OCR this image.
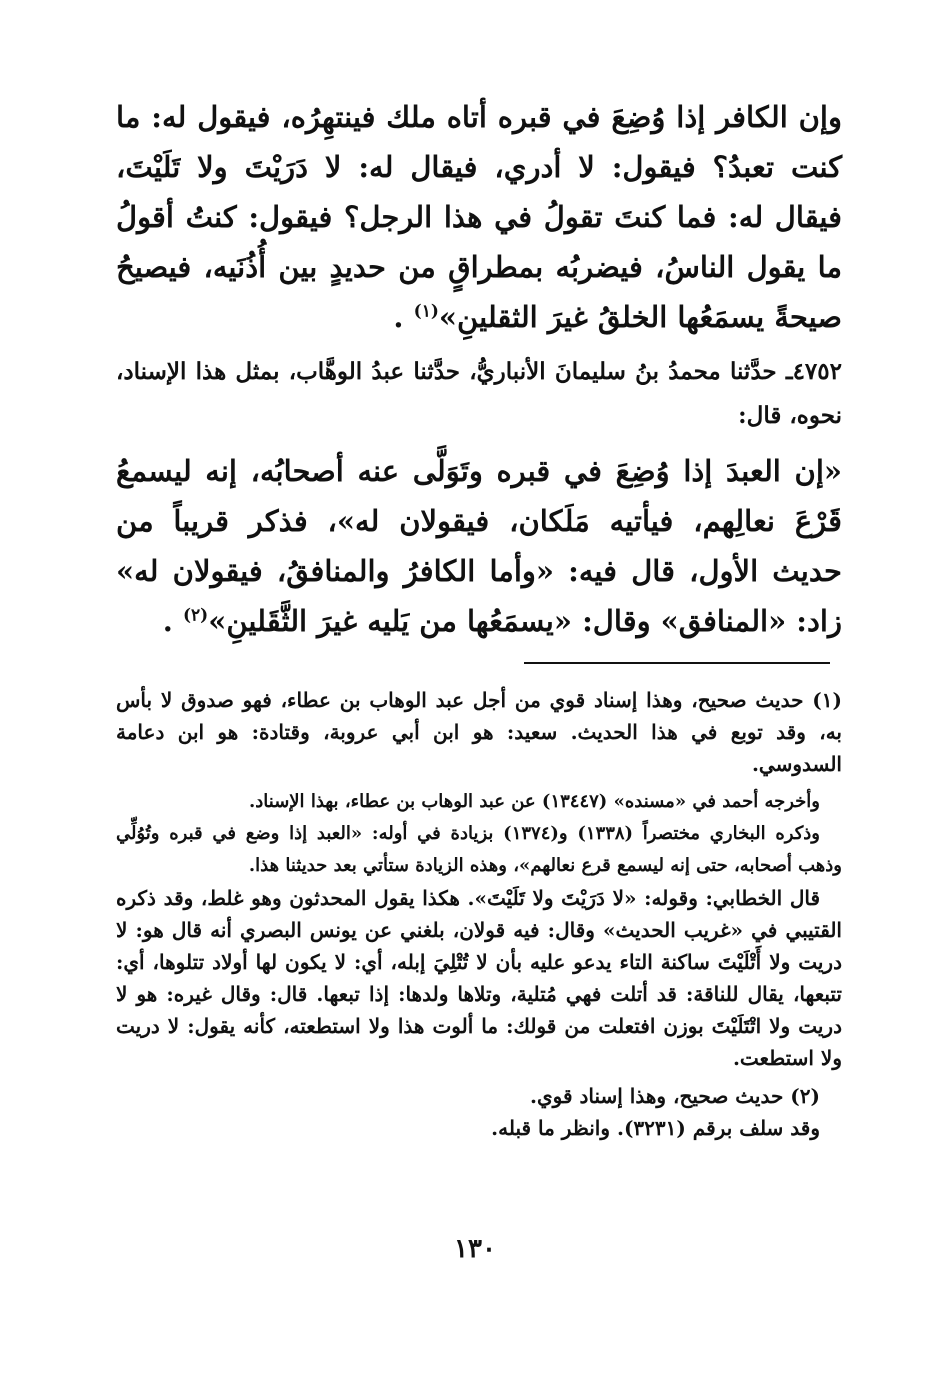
وإن الكافر إذا وُضِعَ في قبره أتاه ملك فينتهِرُه، فيقول له: ما كنت تعبدُ؟ فيقول: لا أدري، فيقال له: لا دَرَيْتَ ولا تَلَيْتَ، فيقال له: فما كنتَ تقولُ في هذا الرجل؟ فيقول: كنتُ أقولُ ما يقول الناسُ، فيضربُه بمطراقٍ من حديدٍ بين أُذُنَيه، فيصيحُ صيحةً يسمَعُها الخلقُ غيرَ الثقلينِ»$^{(١)}$ .

٤٧٥٢ـ حدَّثنا محمدُ بنُ سليمانَ الأنباريُّ، حدَّثنا عبدُ الوهَّاب، بمثل هذا الإسناد، نحوه، قال:

«إن العبدَ إذا وُضِعَ في قبره وتَوَلَّى عنه أصحابُه، إنه ليسمعُ قَرْعَ نعالِهم، فيأتيه مَلَكان، فيقولان له»، فذكر قريباً من حديث الأول، قال فيه: «وأما الكافرُ والمنافقُ، فيقولان له» زاد: «المنافق» وقال: «يسمَعُها من يَليه غيرَ الثَّقَلينِ»$^{(٢)}$ .

(١) حديث صحيح، وهذا إسناد قوي من أجل عبد الوهاب بن عطاء، فهو صدوق لا بأس به، وقد توبع في هذا الحديث. سعيد: هو ابن أبي عروبة، وقتادة: هو ابن دعامة السدوسي.

وأخرجه أحمد في «مسنده» (١٣٤٤٧) عن عبد الوهاب بن عطاء، بهذا الإسناد.

وذكره البخاري مختصراً (١٣٣٨) و(١٣٧٤) بزيادة في أوله: «العبد إذا وضع في قبره وتُوُلِّي وذهب أصحابه، حتى إنه ليسمع قرع نعالهم»، وهذه الزيادة ستأتي بعد حديثنا هذا.

قال الخطابي: وقوله: «لا دَرَيْتَ ولا تَلَيْتَ». هكذا يقول المحدثون وهو غلط، وقد ذكره القتيبي في «غريب الحديث» وقال: فيه قولان، بلغني عن يونس البصري أنه قال هو: لا دريت ولا أَتْلَيْتَ ساكنة التاء يدعو عليه بأن لا تُتْلِيَ إبله، أي: لا يكون لها أولاد تتلوها، أي: تتبعها، يقال للناقة: قد أتلت فهي مُتلية، وتلاها ولدها: إذا تبعها. قال: وقال غيره: هو لا دريت ولا اتْتَلَيْتَ بوزن افتعلت من قولك: ما ألوت هذا ولا استطعته، كأنه يقول: لا دريت ولا استطعت.

(٢) حديث صحيح، وهذا إسناد قوي.

وقد سلف برقم (٣٢٣١). وانظر ما قبله.

١٣٠
